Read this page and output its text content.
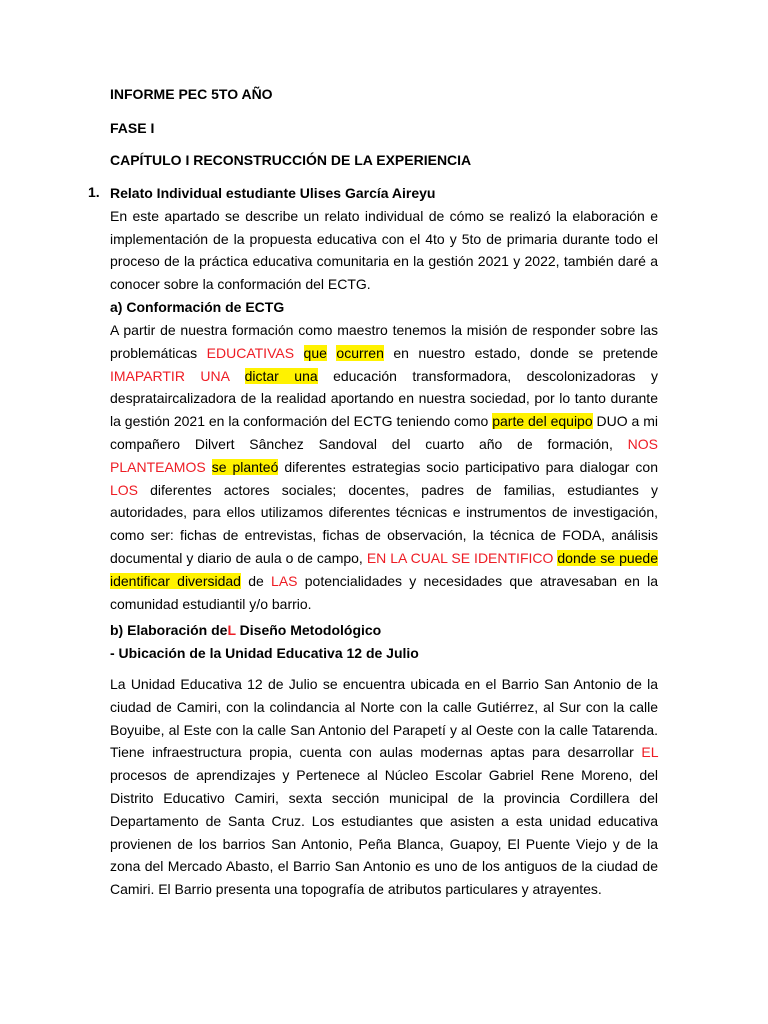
INFORME PEC 5TO AÑO
FASE I
CAPÍTULO I RECONSTRUCCIÓN DE LA EXPERIENCIA
1. Relato Individual estudiante Ulises García Aireyu
En este apartado se describe un relato individual de cómo se realizó la elaboración e implementación de la propuesta educativa con el 4to y 5to de primaria durante todo el proceso de la práctica educativa comunitaria en la gestión 2021 y 2022, también daré a conocer sobre la conformación del ECTG.
a) Conformación de ECTG
A partir de nuestra formación como maestro tenemos la misión de responder sobre las problemáticas EDUCATIVAS que ocurren en nuestro estado, donde se pretende IMAPARTIR UNA dictar una educación transformadora, descolonizadoras y desprataircalizadora de la realidad aportando en nuestra sociedad, por lo tanto durante la gestión 2021 en la conformación del ECTG teniendo como parte del equipo DUO a mi compañero Dilvert Sânchez Sandoval del cuarto año de formación, NOS PLANTEAMOS se planteó diferentes estrategias socio participativo para dialogar con LOS diferentes actores sociales; docentes, padres de familias, estudiantes y autoridades, para ellos utilizamos diferentes técnicas e instrumentos de investigación, como ser: fichas de entrevistas, fichas de observación, la técnica de FODA, análisis documental y diario de aula o de campo, EN LA CUAL SE IDENTIFICO donde se puede identificar diversidad de LAS potencialidades y necesidades que atravesaban en la comunidad estudiantil y/o barrio.
b) Elaboración deL Diseño Metodológico
- Ubicación de la Unidad Educativa 12 de Julio
La Unidad Educativa 12 de Julio se encuentra ubicada en el Barrio San Antonio de la ciudad de Camiri, con la colindancia al Norte con la calle Gutiérrez, al Sur con la calle Boyuibe, al Este con la calle San Antonio del Parapetí y al Oeste con la calle Tatarenda. Tiene infraestructura propia, cuenta con aulas modernas aptas para desarrollar EL procesos de aprendizajes y Pertenece al Núcleo Escolar Gabriel Rene Moreno, del Distrito Educativo Camiri, sexta sección municipal de la provincia Cordillera del Departamento de Santa Cruz. Los estudiantes que asisten a esta unidad educativa provienen de los barrios San Antonio, Peña Blanca, Guapoy, El Puente Viejo y de la zona del Mercado Abasto, el Barrio San Antonio es uno de los antiguos de la ciudad de Camiri. El Barrio presenta una topografía de atributos particulares y atrayentes.
